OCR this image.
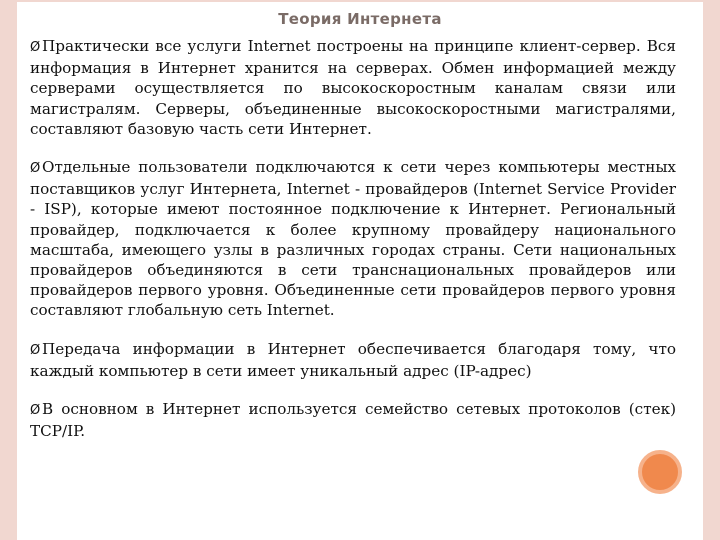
Теория Интернета

Ø Практически все услуги Internet построены на принципе клиент-сервер. Вся информация в Интернет хранится на серверах. Обмен информацией между серверами осуществляется по высокоскоростным каналам связи или магистралям. Серверы, объединенные высокоскоростными магистралями, составляют базовую часть сети Интернет.

Ø Отдельные пользователи подключаются к сети через компьютеры местных поставщиков услуг Интернета, Internet - провайдеров (Internet Service Provider - ISP), которые имеют постоянное подключение к Интернет. Региональный провайдер, подключается к более крупному провайдеру национального масштаба, имеющего узлы в различных городах страны. Сети национальных провайдеров объединяются в сети транснациональных провайдеров или провайдеров первого уровня. Объединенные сети провайдеров первого уровня составляют глобальную сеть Internet.

Ø Передача информации в Интернет обеспечивается благодаря тому, что каждый компьютер в сети имеет уникальный адрес (IP-адрес)

Ø В основном в Интернет используется семейство сетевых протоколов (стек) TCP/IP.
